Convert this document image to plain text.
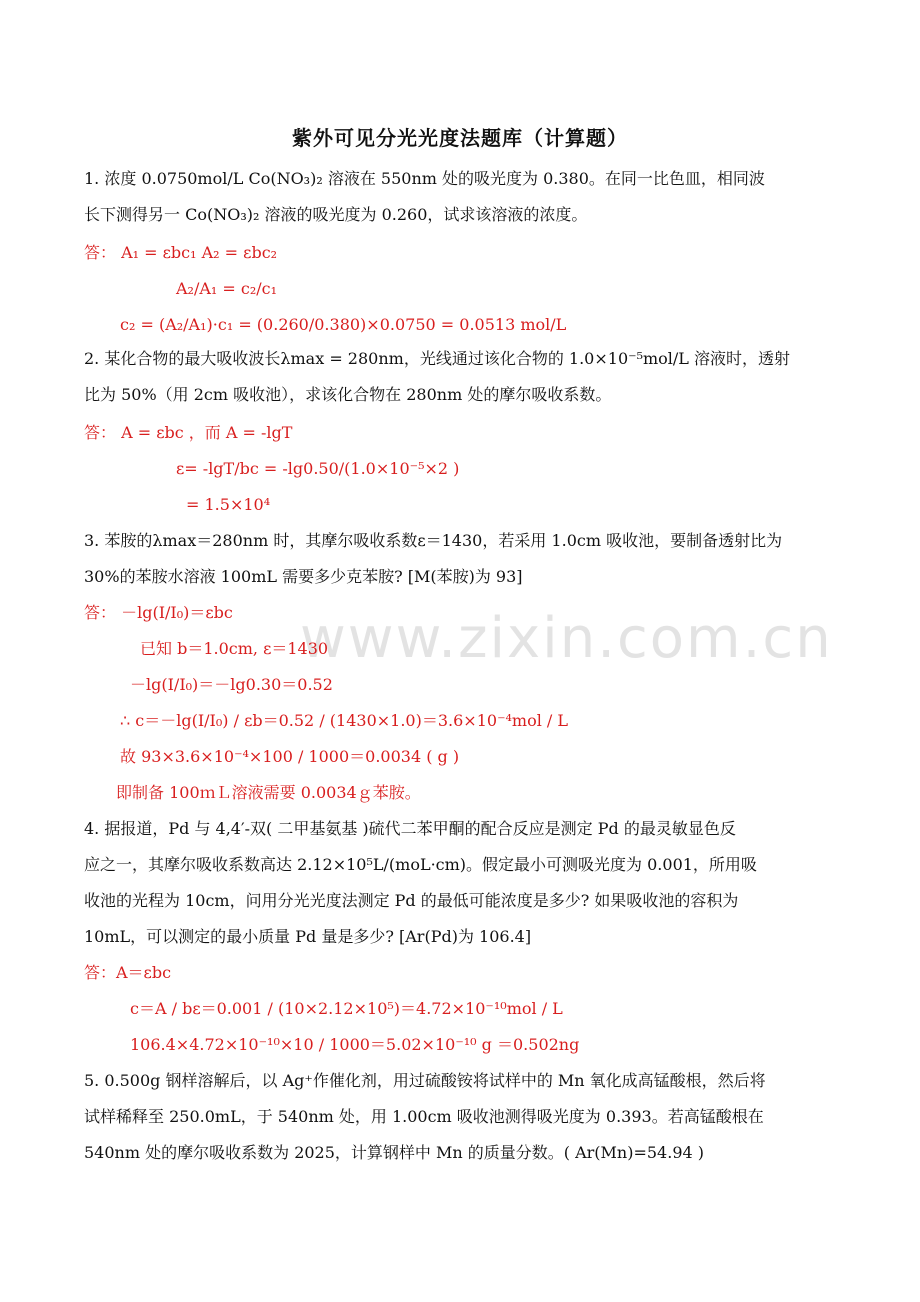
www.zixin.com.cn
紫外可见分光光度法题库（计算题）
1. 浓度 0.0750mol/L Co(NO₃)₂ 溶液在 550nm 处的吸光度为 0.380。在同一比色皿，相同波
长下测得另一 Co(NO₃)₂ 溶液的吸光度为 0.260，试求该溶液的浓度。
答： A₁ = εbc₁ A₂ = εbc₂
A₂/A₁ = c₂/c₁
c₂ = (A₂/A₁)·c₁ = (0.260/0.380)×0.0750 = 0.0513 mol/L
2. 某化合物的最大吸收波长λmax = 280nm，光线通过该化合物的 1.0×10⁻⁵mol/L 溶液时，透射
比为 50%（用 2cm 吸收池），求该化合物在 280nm 处的摩尔吸收系数。
答： A = εbc ，而 A = -lgT
ε= -lgT/bc = -lg0.50/(1.0×10⁻⁵×2 )
= 1.5×10⁴
3. 苯胺的λmax＝280nm 时，其摩尔吸收系数ε＝1430，若采用 1.0cm 吸收池，要制备透射比为
30%的苯胺水溶液 100mL 需要多少克苯胺? [M(苯胺)为 93]
答： －lg(I/I₀)＝εbc
已知 b＝1.0cm, ε＝1430
－lg(I/I₀)＝－lg0.30＝0.52
∴ c＝－lg(I/I₀) / εb＝0.52 / (1430×1.0)＝3.6×10⁻⁴mol / L
故 93×3.6×10⁻⁴×100 / 1000＝0.0034 ( g )
即制备 100ｍＬ溶液需要 0.0034ｇ苯胺。
4. 据报道，Pd 与 4,4′-双( 二甲基氨基 )硫代二苯甲酮的配合反应是测定 Pd 的最灵敏显色反
应之一，其摩尔吸收系数高达 2.12×10⁵L/(moL·cm)。假定最小可测吸光度为 0.001，所用吸
收池的光程为 10cm，问用分光光度法测定 Pd 的最低可能浓度是多少? 如果吸收池的容积为
10mL，可以测定的最小质量 Pd 量是多少? [Ar(Pd)为 106.4]
答：A＝εbc
c＝A / bε＝0.001 / (10×2.12×10⁵)＝4.72×10⁻¹⁰mol / L
106.4×4.72×10⁻¹⁰×10 / 1000＝5.02×10⁻¹⁰ g ＝0.502ng
5. 0.500g 钢样溶解后，以 Ag⁺作催化剂，用过硫酸铵将试样中的 Mn 氧化成高锰酸根，然后将
试样稀释至 250.0mL，于 540nm 处，用 1.00cm 吸收池测得吸光度为 0.393。若高锰酸根在
540nm 处的摩尔吸收系数为 2025，计算钢样中 Mn 的质量分数。( Ar(Mn)=54.94 )
